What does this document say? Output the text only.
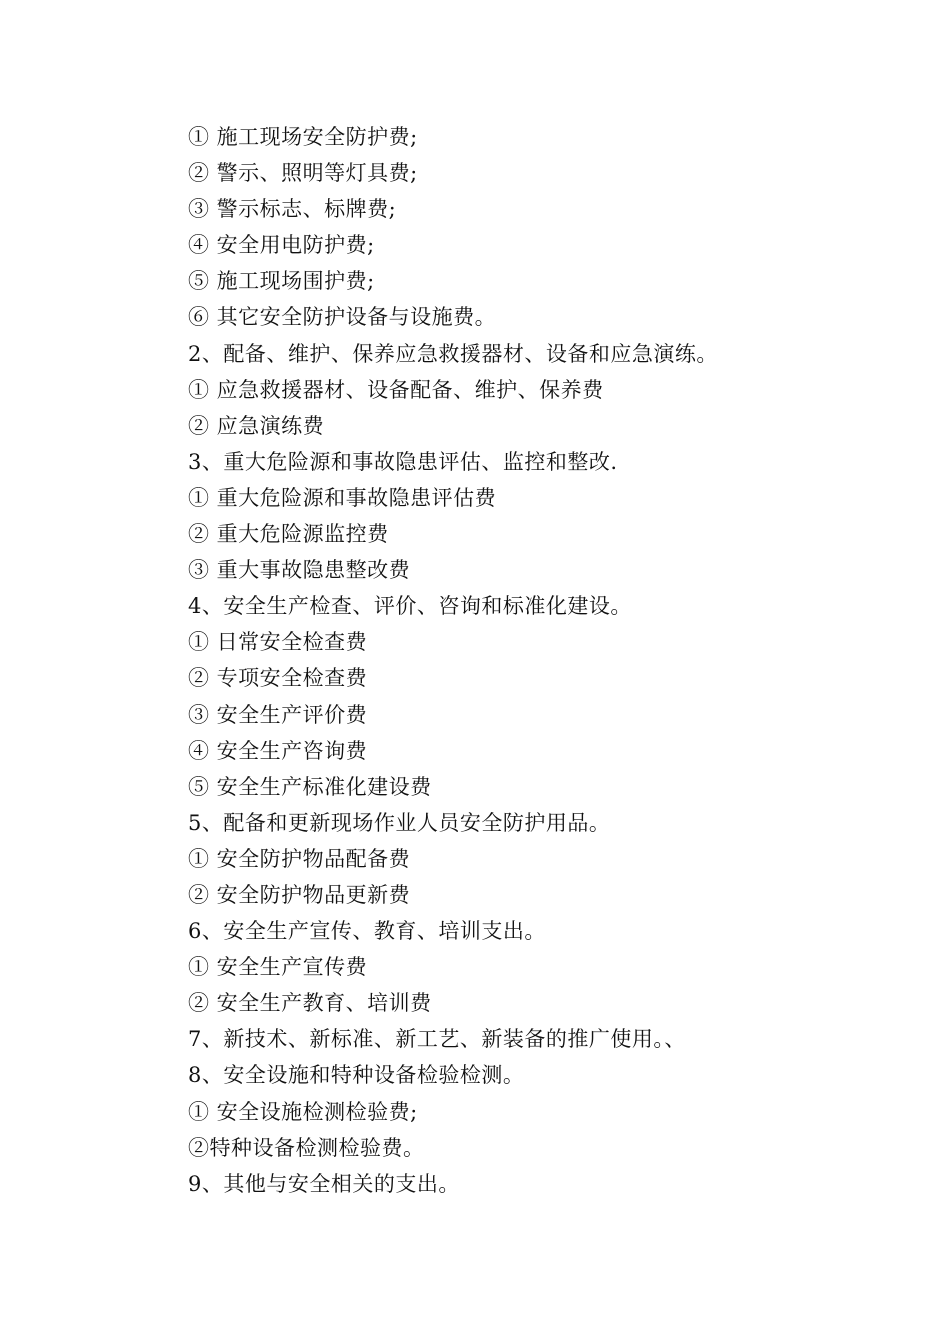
① 施工现场安全防护费;
② 警示、照明等灯具费;
③ 警示标志、标牌费;
④ 安全用电防护费;
⑤ 施工现场围护费;
⑥ 其它安全防护设备与设施费。
2、配备、维护、保养应急救援器材、设备和应急演练。
① 应急救援器材、设备配备、维护、保养费
② 应急演练费
3、重大危险源和事故隐患评估、监控和整改.
① 重大危险源和事故隐患评估费
② 重大危险源监控费
③ 重大事故隐患整改费
4、安全生产检查、评价、咨询和标准化建设。
① 日常安全检查费
② 专项安全检查费
③ 安全生产评价费
④ 安全生产咨询费
⑤ 安全生产标准化建设费
5、配备和更新现场作业人员安全防护用品。
① 安全防护物品配备费
② 安全防护物品更新费
6、安全生产宣传、教育、培训支出。
① 安全生产宣传费
② 安全生产教育、培训费
7、新技术、新标准、新工艺、新装备的推广使用。、
8、安全设施和特种设备检验检测。
① 安全设施检测检验费;
②特种设备检测检验费。
9、其他与安全相关的支出。
